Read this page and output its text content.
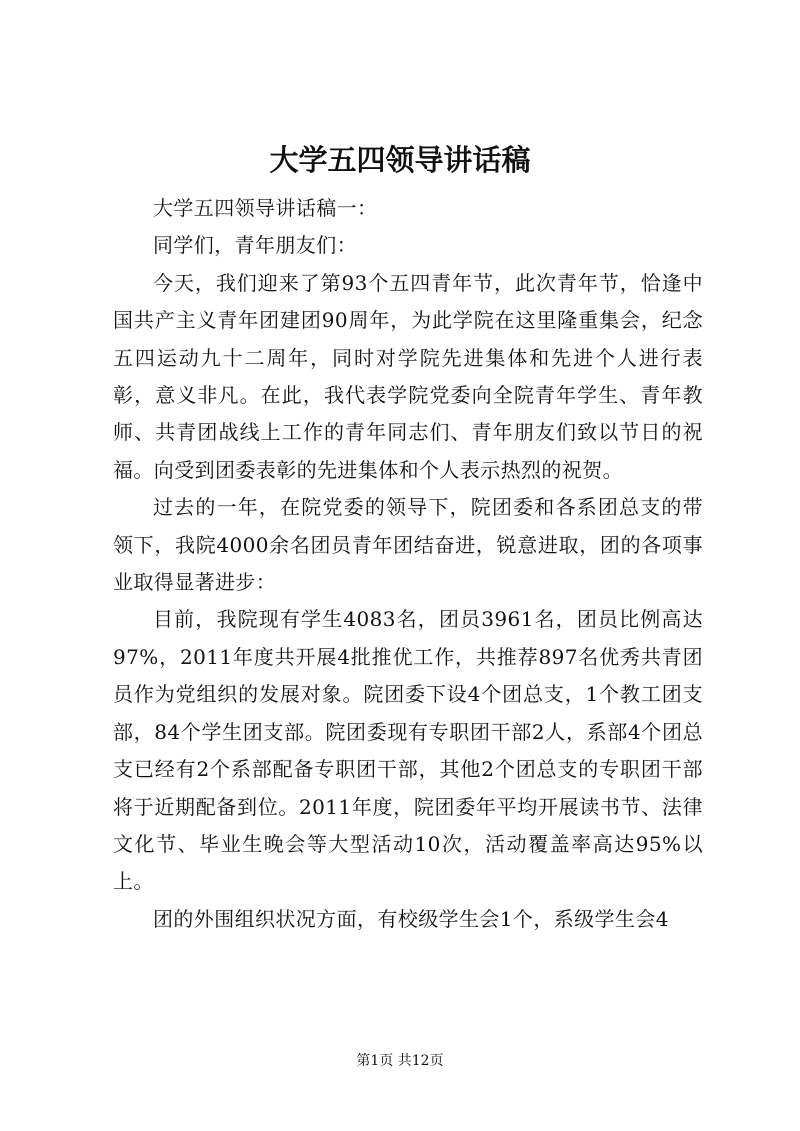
大学五四领导讲话稿

大学五四领导讲话稿一：

同学们，青年朋友们：

今天，我们迎来了第93个五四青年节，此次青年节，恰逢中国共产主义青年团建团90周年，为此学院在这里隆重集会，纪念五四运动九十二周年，同时对学院先进集体和先进个人进行表彰，意义非凡。在此，我代表学院党委向全院青年学生、青年教师、共青团战线上工作的青年同志们、青年朋友们致以节日的祝福。向受到团委表彰的先进集体和个人表示热烈的祝贺。

过去的一年，在院党委的领导下，院团委和各系团总支的带领下，我院4000余名团员青年团结奋进，锐意进取，团的各项事业取得显著进步：

目前，我院现有学生4083名，团员3961名，团员比例高达97%，2011年度共开展4批推优工作，共推荐897名优秀共青团员作为党组织的发展对象。院团委下设4个团总支，1个教工团支部，84个学生团支部。院团委现有专职团干部2人，系部4个团总支已经有2个系部配备专职团干部，其他2个团总支的专职团干部将于近期配备到位。2011年度，院团委年平均开展读书节、法律文化节、毕业生晚会等大型活动10次，活动覆盖率高达95%以上。

团的外围组织状况方面，有校级学生会1个，系级学生会4

第1页 共12页
